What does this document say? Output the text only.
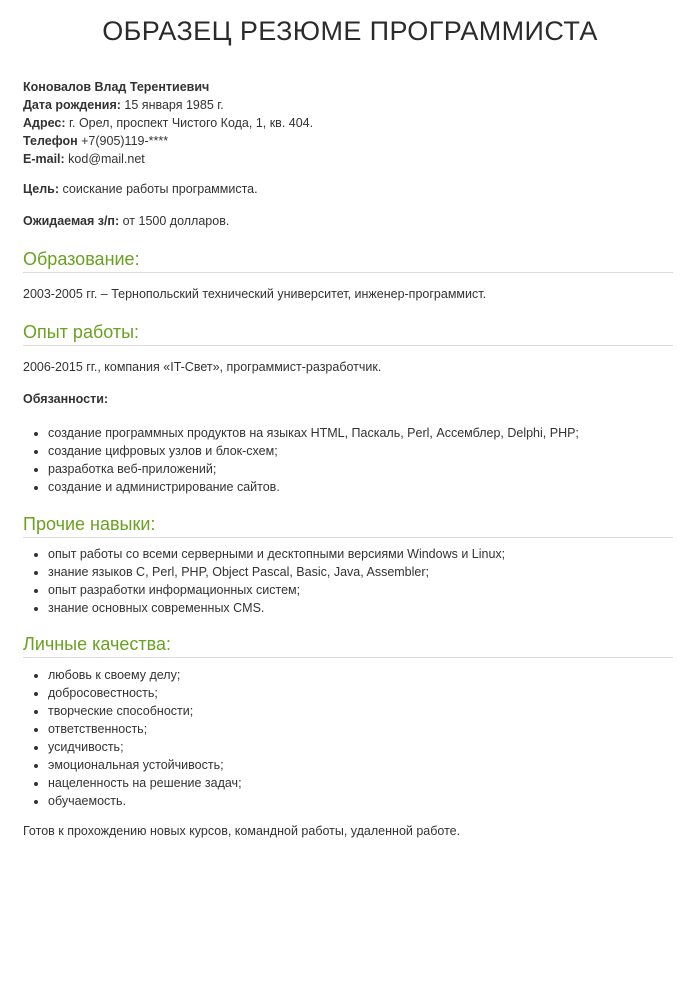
ОБРАЗЕЦ РЕЗЮМЕ ПРОГРАММИСТА
Коновалов Влад Терентиевич
Дата рождения: 15 января 1985 г.
Адрес: г. Орел, проспект Чистого Кода, 1, кв. 404.
Телефон +7(905)119-****
E-mail: kod@mail.net
Цель: соискание работы программиста.
Ожидаемая з/п: от 1500 долларов.
Образование:
2003-2005 гг. – Тернопольский технический университет, инженер-программист.
Опыт работы:
2006-2015 гг., компания «IT-Свет», программист-разработчик.
Обязанности:
• создание программных продуктов на языках HTML, Паскаль, Perl, Ассемблер, Delphi, PHP;
• создание цифровых узлов и блок-схем;
• разработка веб-приложений;
• создание и администрирование сайтов.
Прочие навыки:
• опыт работы со всеми серверными и десктопными версиями Windows и Linux;
• знание языков C, Perl, PHP, Object Pascal, Basic, Java, Assembler;
• опыт разработки информационных систем;
• знание основных современных CMS.
Личные качества:
• любовь к своему делу;
• добросовестность;
• творческие способности;
• ответственность;
• усидчивость;
• эмоциональная устойчивость;
• нацеленность на решение задач;
• обучаемость.
Готов к прохождению новых курсов, командной работы, удаленной работе.
